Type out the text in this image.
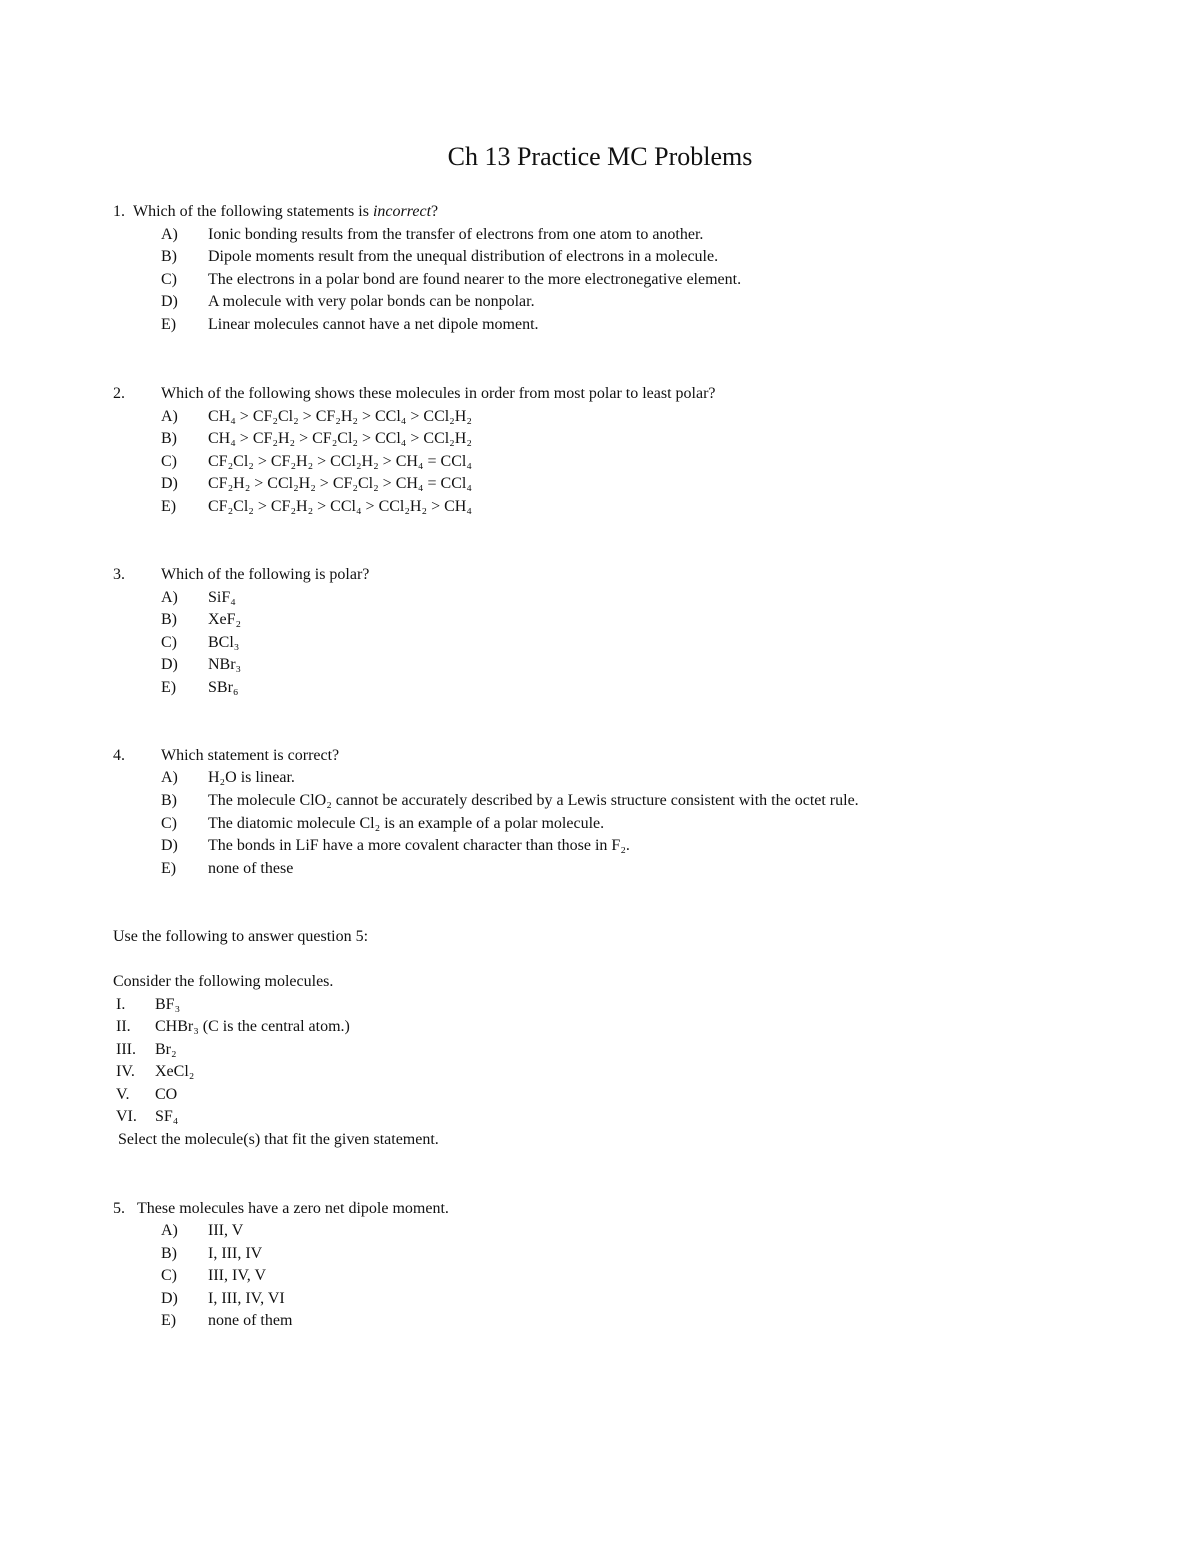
Ch 13 Practice MC Problems
1. Which of the following statements is incorrect?
A) Ionic bonding results from the transfer of electrons from one atom to another.
B) Dipole moments result from the unequal distribution of electrons in a molecule.
C) The electrons in a polar bond are found nearer to the more electronegative element.
D) A molecule with very polar bonds can be nonpolar.
E) Linear molecules cannot have a net dipole moment.
2. Which of the following shows these molecules in order from most polar to least polar?
A) CH₄ > CF₂Cl₂ > CF₂H₂ > CCl₄ > CCl₂H₂
B) CH₄ > CF₂H₂ > CF₂Cl₂ > CCl₄ > CCl₂H₂
C) CF₂Cl₂ > CF₂H₂ > CCl₂H₂ > CH₄ = CCl₄
D) CF₂H₂ > CCl₂H₂ > CF₂Cl₂ > CH₄ = CCl₄
E) CF₂Cl₂ > CF₂H₂ > CCl₄ > CCl₂H₂ > CH₄
3. Which of the following is polar?
A) SiF₄
B) XeF₂
C) BCl₃
D) NBr₃
E) SBr₆
4. Which statement is correct?
A) H₂O is linear.
B) The molecule ClO₂ cannot be accurately described by a Lewis structure consistent with the octet rule.
C) The diatomic molecule Cl₂ is an example of a polar molecule.
D) The bonds in LiF have a more covalent character than those in F₂.
E) none of these
Use the following to answer question 5:
Consider the following molecules.
I. BF₃
II. CHBr₃ (C is the central atom.)
III. Br₂
IV. XeCl₂
V. CO
VI. SF₄
Select the molecule(s) that fit the given statement.
5. These molecules have a zero net dipole moment.
A) III, V
B) I, III, IV
C) III, IV, V
D) I, III, IV, VI
E) none of them
